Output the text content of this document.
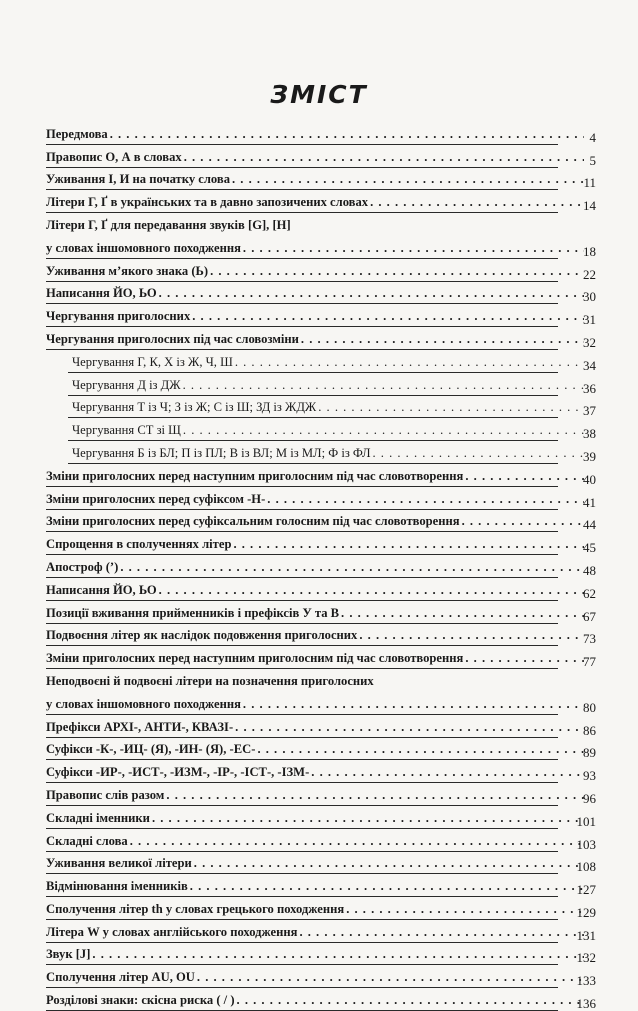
ЗМІСТ
Передмова . . .	4
Правопис О, А в словах . . .	5
Уживання І, И на початку слова . . .	11
Літери Г, Ґ в українських та в давно запозичених словах . . .	14
Літери Г, Ґ для передавання звуків [G], [H]
у словах іншомовного походження . . .	18
Уживання м’якого знака (Ь) . . .	22
Написання ЙО, ЬО . . .	30
Чергування приголосних . . .	31
Чергування приголосних під час словозміни . . .	32
Чергування Г, К, Х із Ж, Ч, Ш . . .	34
Чергування Д із ДЖ . . .	36
Чергування Т із Ч; З із Ж; С із Ш; ЗД із ЖДЖ . . .	37
Чергування СТ зі Щ . . .	38
Чергування Б із БЛ; П із ПЛ; В із ВЛ; М із МЛ; Ф із ФЛ . . .	39
Зміни приголосних перед наступним приголосним під час словотворення . . .	40
Зміни приголосних перед суфіксом -Н- . . .	41
Зміни приголосних перед суфіксальним голосним під час словотворення . . .	44
Спрощення в сполученнях літер . . .	45
Апостроф (’) . . .	48
Написання ЙО, ЬО . . .	62
Позиції вживання прийменників і префіксів У та В . . .	67
Подвоєння літер як наслідок подовження приголосних . . .	73
Зміни приголосних перед наступним приголосним під час словотворення . . .	77
Неподвоєні й подвоєні літери на позначення приголосних
у словах іншомовного походження . . .	80
Префікси АРХІ-, АНТИ-, КВАЗІ- . . .	86
Суфікси -К-, -ИЦ- (Я), -ИН- (Я), -ЕС- . . .	89
Суфікси -ИР-, -ИСТ-, -ИЗМ-, -ІР-, -ІСТ-, -ІЗМ- . . .	93
Правопис слів разом . . .	96
Складні іменники . . .	101
Складні слова . . .	103
Уживання великої літери . . .	108
Відмінювання іменників . . .	127
Сполучення літер th у словах грецького походження . . .	129
Літера W у словах англійського походження . . .	131
Звук [J] . . .	132
Сполучення літер AU, OU . . .	133
Розділові знаки: скісна риска ( / ) . . .	136
